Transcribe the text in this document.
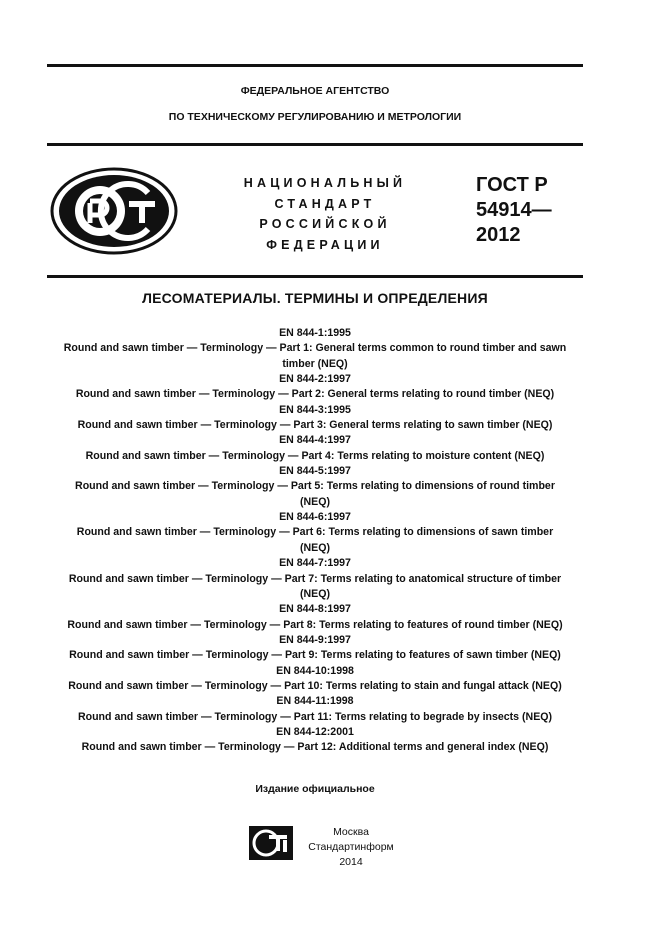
ФЕДЕРАЛЬНОЕ АГЕНТСТВО
ПО ТЕХНИЧЕСКОМУ РЕГУЛИРОВАНИЮ И МЕТРОЛОГИИ
НАЦИОНАЛЬНЫЙ
СТАНДАРТ
РОССИЙСКОЙ
ФЕДЕРАЦИИ
ГОСТ Р
54914—
2012
ЛЕСОМАТЕРИАЛЫ. ТЕРМИНЫ И ОПРЕДЕЛЕНИЯ
EN 844-1:1995
Round and sawn timber — Terminology — Part 1: General terms common to round timber and sawn
timber (NEQ)
EN 844-2:1997
Round and sawn timber — Terminology — Part 2: General terms relating to round timber (NEQ)
EN 844-3:1995
Round and sawn timber — Terminology — Part 3: General terms relating to sawn timber (NEQ)
EN 844-4:1997
Round and sawn timber — Terminology — Part 4: Terms relating to moisture content (NEQ)
EN 844-5:1997
Round and sawn timber — Terminology — Part 5: Terms relating to dimensions of round timber
(NEQ)
EN 844-6:1997
Round and sawn timber — Terminology — Part 6: Terms relating to dimensions of sawn timber
(NEQ)
EN 844-7:1997
Round and sawn timber — Terminology — Part 7: Terms relating to anatomical structure of timber
(NEQ)
EN 844-8:1997
Round and sawn timber — Terminology — Part 8: Terms relating to features of round timber (NEQ)
EN 844-9:1997
Round and sawn timber — Terminology — Part 9: Terms relating to features of sawn timber (NEQ)
EN 844-10:1998
Round and sawn timber — Terminology — Part 10: Terms relating to stain and fungal attack (NEQ)
EN 844-11:1998
Round and sawn timber — Terminology — Part 11: Terms relating to begrade by insects (NEQ)
EN 844-12:2001
Round and sawn timber — Terminology — Part 12: Additional terms and general index (NEQ)
Издание официальное
Москва
Стандартинформ
2014
